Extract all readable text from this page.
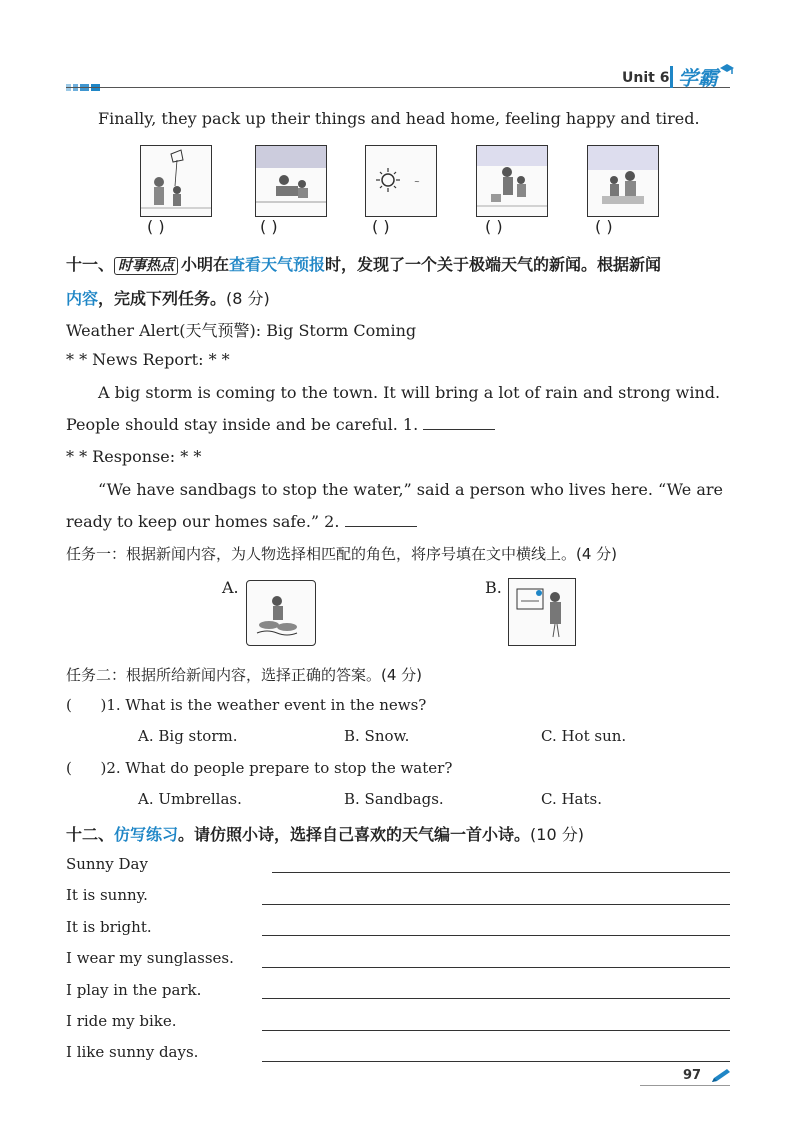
Unit 6 学霸
Finally, they pack up their things and head home, feeling happy and tired.
~
( )	( )	( )	( )	( )
十一、 时事热点 小明在查看天气预报时，发现了一个关于极端天气的新闻。根据新闻
内容，完成下列任务。(8 分)
Weather Alert(天气预警): Big Storm Coming
* * News Report: * *
A big storm is coming to the town. It will bring a lot of rain and strong wind.
People should stay inside and be careful. 1.
* * Response: * *
“We have sandbags to stop the water,” said a person who lives here. “We are
ready to keep our homes safe.” 2.
任务一：根据新闻内容，为人物选择相匹配的角色，将序号填在文中横线上。(4 分)
A.	B.
任务二：根据所给新闻内容，选择正确的答案。(4 分)
(      )1. What is the weather event in the news?
A. Big storm.	B. Snow.	C. Hot sun.
(      )2. What do people prepare to stop the water?
A. Umbrellas.	B. Sandbags.	C. Hats.
十二、仿写练习。请仿照小诗，选择自己喜欢的天气编一首小诗。(10 分)
Sunny Day
It is sunny.
It is bright.
I wear my sunglasses.
I play in the park.
I ride my bike.
I like sunny days.
97
